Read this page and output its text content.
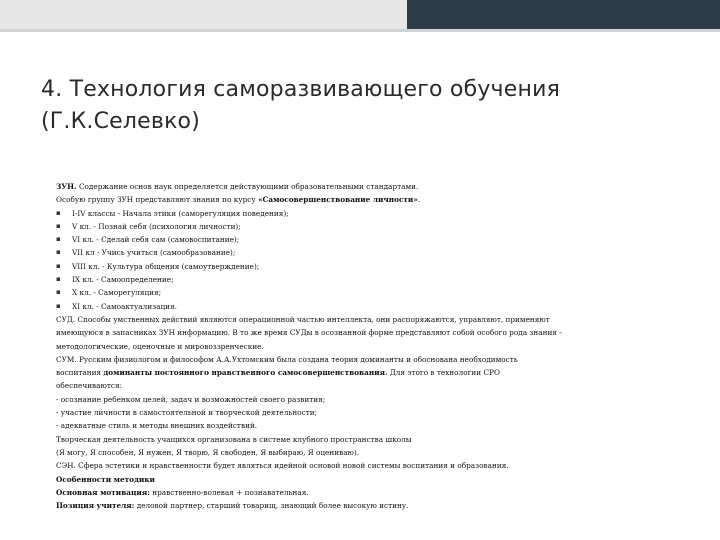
4. Технология саморазвивающего обучения
(Г.К.Селевко)

ЗУН. Содержание основ наук определяется действующими образовательными стандартами.

Особую группу ЗУН представляют знания по курсу «Самосовершенствование личности».

▪ I-IV классы - Начала этики (саморегуляция поведения);

▪ V кл. - Познай себя (психология личности);

▪ VI кл. - Сделай себя сам (самовоспитание);

▪ VII кл - Учись учиться (самообразование);

▪ VIII кл. - Культура общения (самоутверждение);

▪ IX кл. - Самоопределение;

▪ X кл. - Саморегуляция;

▪ XI кл. - Самоактуализация.

СУД. Способы умственных действий являются операционной частью интеллекта, они распоряжаются, управляют, применяют

имеющуюся в запасниках ЗУН информацию. В то же время СУДы в осознанной форме представляют собой особого рода знания -

методологические, оценочные и мировоззренческие.

СУМ. Русским физиологом и философом А.А.Ухтомским была создана теория доминанты и обоснована необходимость

воспитания доминанты постоянного нравственного самосовершенствования. Для этого в технологии СРО

обеспечиваются:

- осознание ребенком целей, задач и возможностей своего развития;

- участие личности в самостоятельной и творческой деятельности;

- адекватные стиль и методы внешних воздействий.

Творческая деятельность учащихся организована в системе клубного пространства школы

(Я могу, Я способен, Я нужен, Я творю, Я свободен, Я выбираю, Я оцениваю).

СЭН. Сфера эстетики и нравственности будет являться идейной основой новой системы воспитания и образования.

Особенности методики

Основная мотивация: нравственно-волевая + познавательная.

Позиция учителя: деловой партнер, старший товарищ, знающий более высокую истину.
